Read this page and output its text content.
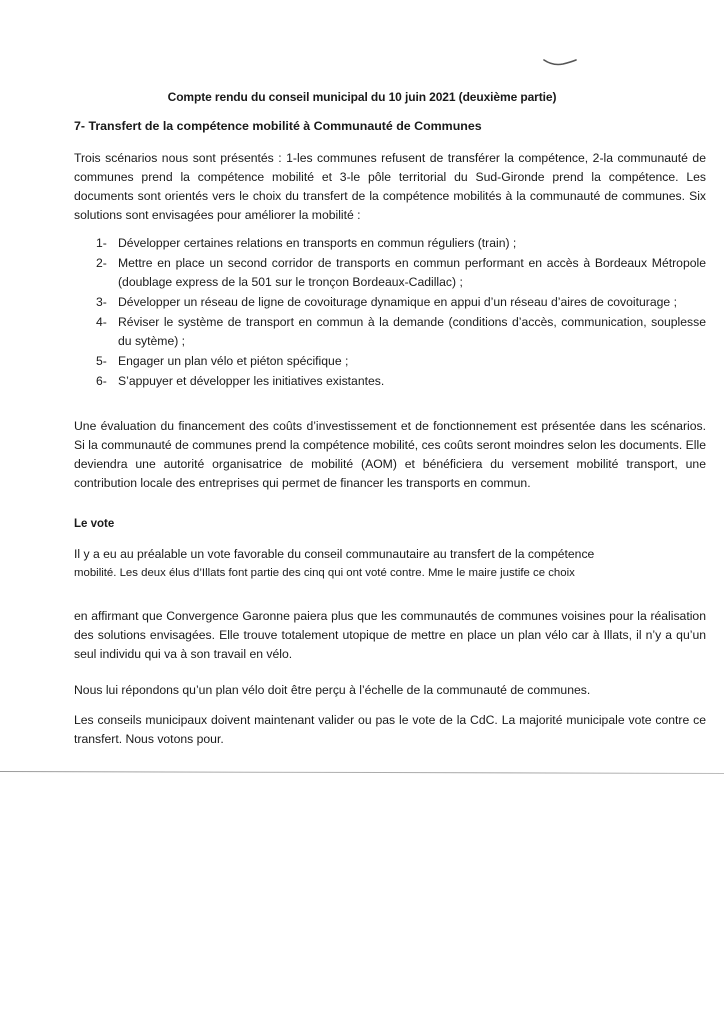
Compte rendu du conseil municipal du 10 juin 2021 (deuxième partie)
7- Transfert de la compétence mobilité à Communauté de Communes
Trois scénarios nous sont présentés : 1-les communes refusent de transférer la compétence, 2-la communauté de communes prend la compétence mobilité et 3-le pôle territorial du Sud-Gironde prend la compétence. Les documents sont orientés vers le choix du transfert de la compétence mobilités à la communauté de communes. Six solutions sont envisagées pour améliorer la mobilité :
1- Développer certaines relations en transports en commun réguliers (train) ;
2- Mettre en place un second corridor de transports en commun performant en accès à Bordeaux Métropole (doublage express de la 501 sur le tronçon Bordeaux-Cadillac) ;
3- Développer un réseau de ligne de covoiturage dynamique en appui d’un réseau d’aires de covoiturage ;
4- Réviser le système de transport en commun à la demande (conditions d’accès, communication, souplesse du sytème) ;
5- Engager un plan vélo et piéton spécifique ;
6- S’appuyer et développer les initiatives existantes.
Une évaluation du financement des coûts d’investissement et de fonctionnement est présentée dans les scénarios. Si la communauté de communes prend la compétence mobilité, ces coûts seront moindres selon les documents. Elle deviendra une autorité organisatrice de mobilité (AOM) et bénéficiera du versement mobilité transport, une contribution locale des entreprises qui permet de financer les transports en commun.
Le vote
Il y a eu au préalable un vote favorable du conseil communautaire au transfert de la compétence
mobilité. Les deux élus d’Illats font partie des cinq qui ont voté contre. Mme le maire justife ce choix
en affirmant que Convergence Garonne paiera plus que les communautés de communes voisines pour la réalisation des solutions envisagées. Elle trouve totalement utopique de mettre en place un plan vélo car à Illats, il n’y a qu’un seul individu qui va à son travail en vélo.
Nous lui répondons qu’un plan vélo doit être perçu à l’échelle de la communauté de communes.
Les conseils municipaux doivent maintenant valider ou pas le vote de la CdC. La majorité municipale vote contre ce transfert. Nous votons pour.
